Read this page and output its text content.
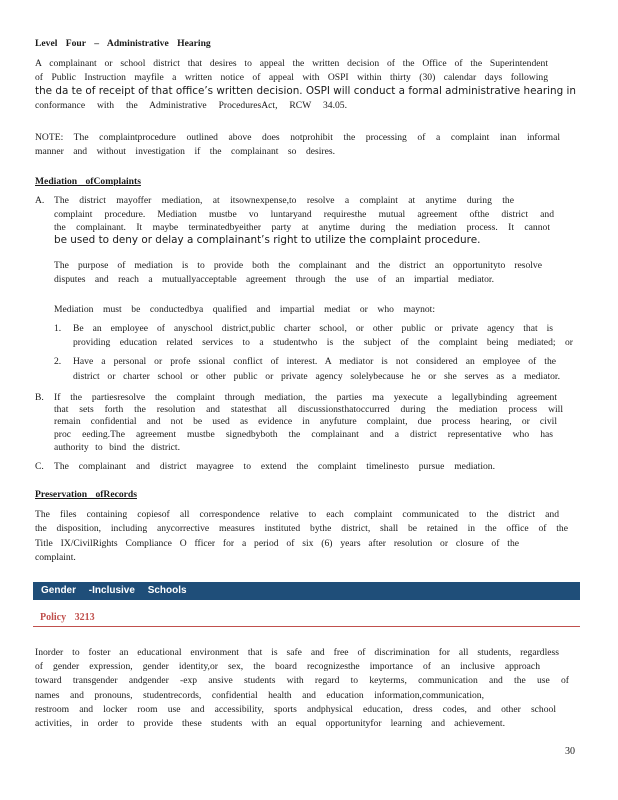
Level Four – Administrative Hearing
A complainant or school district that desires to appeal the written decision of the Office of the Superintendent
of Public Instruction mayfile a written notice of appeal with OSPI within thirty (30) calendar days following
the da te of receipt of that office’s written decision. OSPI will conduct a formal administrative hearing in
conformance with the Administrative ProceduresAct, RCW 34.05.
NOTE: The complaintprocedure outlined above does notprohibit the processing of a complaint inan informal
manner and without investigation if the complainant so desires.
Mediation ofComplaints
A. The district mayoffer mediation, at itsownexpense,to resolve a complaint at anytime during the
complaint procedure. Mediation mustbe vo luntaryand requiresthe mutual agreement ofthe district and
the complainant. It maybe terminatedbyeither party at anytime during the mediation process. It cannot
be used to deny or delay a complainant’s right to utilize the complaint procedure.
The purpose of mediation is to provide both the complainant and the district an opportunityto resolve
disputes and reach a mutuallyacceptable agreement through the use of an impartial mediator.
Mediation must be conductedbya qualified and impartial mediat or who maynot:
1. Be an employee of anyschool district,public charter school, or other public or private agency that is
providing education related services to a studentwho is the subject of the complaint being mediated; or
2. Have a personal or profe ssional conflict of interest. A mediator is not considered an employee of the
district or charter school or other public or private agency solelybecause he or she serves as a mediator.
B. If the partiesresolve the complaint through mediation, the parties ma yexecute a legallybinding agreement
that sets forth the resolution and statesthat all discussionsthatoccurred during the mediation process will
remain confidential and not be used as evidence in anyfuture complaint, due process hearing, or civil
proc eeding.The agreement mustbe signedbyboth the complainant and a district representative who has
authority to bind the district.
C. The complainant and district mayagree to extend the complaint timelinesto pursue mediation.
Preservation ofRecords
The files containing copiesof all correspondence relative to each complaint communicated to the district and
the disposition, including anycorrective measures instituted bythe district, shall be retained in the office of the
Title IX/CivilRights Compliance O fficer for a period of six (6) years after resolution or closure of the
complaint.
Gender -Inclusive Schools
Policy 3213
Inorder to foster an educational environment that is safe and free of discrimination for all students, regardless
of gender expression, gender identity,or sex, the board recognizesthe importance of an inclusive approach
toward transgender andgender -exp ansive students with regard to keyterms, communication and the use of
names and pronouns, studentrecords, confidential health and education information,communication,
restroom and locker room use and accessibility, sports andphysical education, dress codes, and other school
activities, in order to provide these students with an equal opportunityfor learning and achievement.
30
